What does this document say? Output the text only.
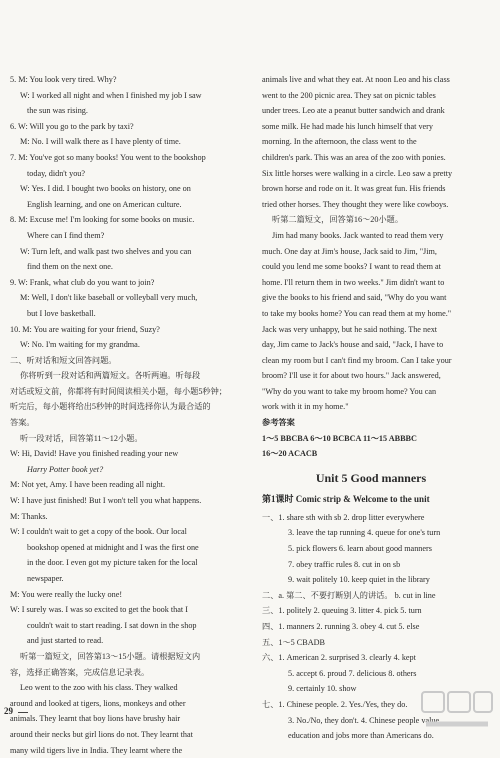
5. M: You look very tired. Why?
W: I worked all night and when I finished my job I saw
the sun was rising.
6. W: Will you go to the park by taxi?
M: No. I will walk there as I have plenty of time.
7. M: You've got so many books! You went to the bookshop
today, didn't you?
W: Yes. I did. I bought two books on history, one on
English learning, and one on American culture.
8. M: Excuse me! I'm looking for some books on music.
Where can I find them?
W: Turn left, and walk past two shelves and you can
find them on the next one.
9. W: Frank, what club do you want to join?
M: Well, I don't like baseball or volleyball very much,
but I love basketball.
10. M: You are waiting for your friend, Suzy?
W: No. I'm waiting for my grandma.
二、听对话和短文回答问题。
你将听到一段对话和两篇短文。各听两遍。听每段
对话或短文前，你都将有时间阅读相关小题，每小题5秒钟；
听完后，每小题将给出5秒钟的时间选择你认为最合适的
答案。
听一段对话，回答第11～12小题。
W: Hi, David! Have you finished reading your new
Harry Potter book yet?
M: Not yet, Amy. I have been reading all night.
W: I have just finished! But I won't tell you what happens.
M: Thanks.
W: I couldn't wait to get a copy of the book. Our local
bookshop opened at midnight and I was the first one
in the door. I even got my picture taken for the local
newspaper.
M: You were really the lucky one!
W: I surely was. I was so excited to get the book that I
couldn't wait to start reading. I sat down in the shop
and just started to read.
听第一篇短文，回答第13～15小题。请根据短文内
容，选择正确答案，完成信息记录表。
Leo went to the zoo with his class. They walked
around and looked at tigers, lions, monkeys and other
animals. They learnt that boy lions have brushy hair
around their necks but girl lions do not. They learnt that
many wild tigers live in India. They learnt where the
animals live and what they eat. At noon Leo and his class
went to the 200 picnic area. They sat on picnic tables
under trees. Leo ate a peanut butter sandwich and drank
some milk. He had made his lunch himself that very
morning. In the afternoon, the class went to the
children's park. This was an area of the zoo with ponies.
Six little horses were walking in a circle. Leo saw a pretty
brown horse and rode on it. It was great fun. His friends
tried other horses. They thought they were like cowboys.
听第二篇短文，回答第16～20小题。
Jim had many books. Jack wanted to read them very
much. One day at Jim's house, Jack said to Jim, "Jim,
could you lend me some books? I want to read them at
home. I'll return them in two weeks." Jim didn't want to
give the books to his friend and said, "Why do you want
to take my books home? You can read them at my home."
Jack was very unhappy, but he said nothing. The next
day, Jim came to Jack's house and said, "Jack, I have to
clean my room but I can't find my broom. Can I take your
broom? I'll use it for about two hours." Jack answered,
"Why do you want to take my broom home? You can
work with it in my home."
参考答案
1～5 BBCBA 6～10 BCBCA 11～15 ABBBC
16～20 ACACB
Unit 5 Good manners
第1课时 Comic strip & Welcome to the unit
一、1. share sth with sb 2. drop litter everywhere
3. leave the tap running 4. queue for one's turn
5. pick flowers 6. learn about good manners
7. obey traffic rules 8. cut in on sb
9. wait politely 10. keep quiet in the library
二、a. 第二、不要打断别人的讲话。 b. cut in line
三、1. politely 2. queuing 3. litter 4. pick 5. turn
四、1. manners 2. running 3. obey 4. cut 5. else
五、1～5 CBADB
六、1. American 2. surprised 3. clearly 4. kept
5. accept 6. proud 7. delicious 8. others
9. certainly 10. show
七、1. Chinese people. 2. Yes./Yes, they do.
3. No./No, they don't. 4. Chinese people value
education and jobs more than Americans do.
29
